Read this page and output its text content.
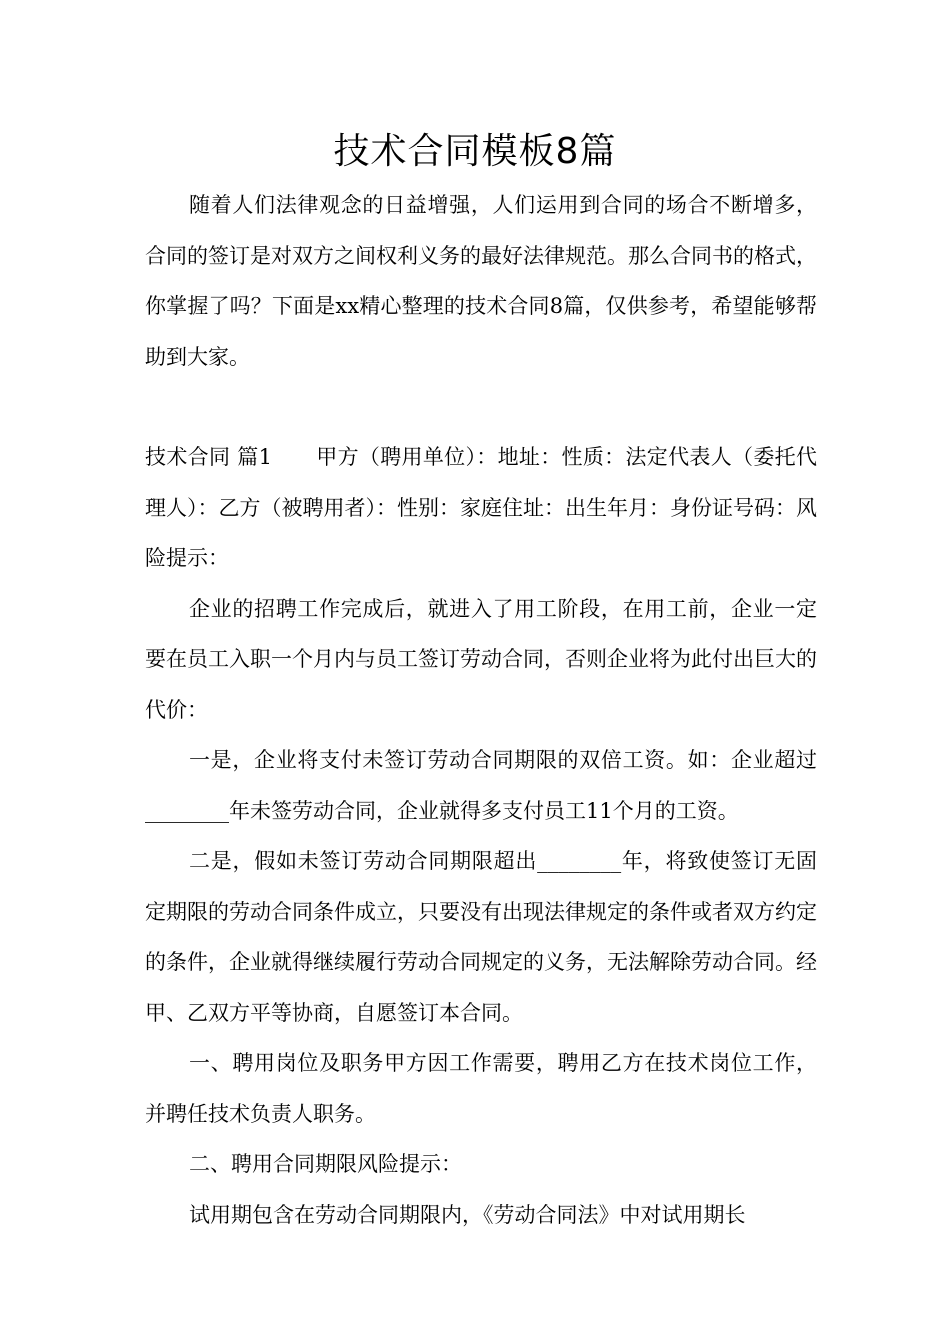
技术合同模板8篇

随着人们法律观念的日益增强，人们运用到合同的场合不断增多，合同的签订是对双方之间权利义务的最好法律规范。那么合同书的格式，你掌握了吗？下面是xx精心整理的技术合同8篇，仅供参考，希望能够帮助到大家。

技术合同 篇1 甲方（聘用单位）：地址：性质：法定代表人（委托代理人）：乙方（被聘用者）：性别：家庭住址：出生年月：身份证号码：风险提示：

企业的招聘工作完成后，就进入了用工阶段，在用工前，企业一定要在员工入职一个月内与员工签订劳动合同，否则企业将为此付出巨大的代价：

一是，企业将支付未签订劳动合同期限的双倍工资。如：企业超过________年未签劳动合同，企业就得多支付员工11个月的工资。

二是，假如未签订劳动合同期限超出________年，将致使签订无固定期限的劳动合同条件成立，只要没有出现法律规定的条件或者双方约定的条件，企业就得继续履行劳动合同规定的义务，无法解除劳动合同。经甲、乙双方平等协商，自愿签订本合同。

一、聘用岗位及职务甲方因工作需要，聘用乙方在技术岗位工作，并聘任技术负责人职务。

二、聘用合同期限风险提示：

试用期包含在劳动合同期限内，《劳动合同法》中对试用期长
